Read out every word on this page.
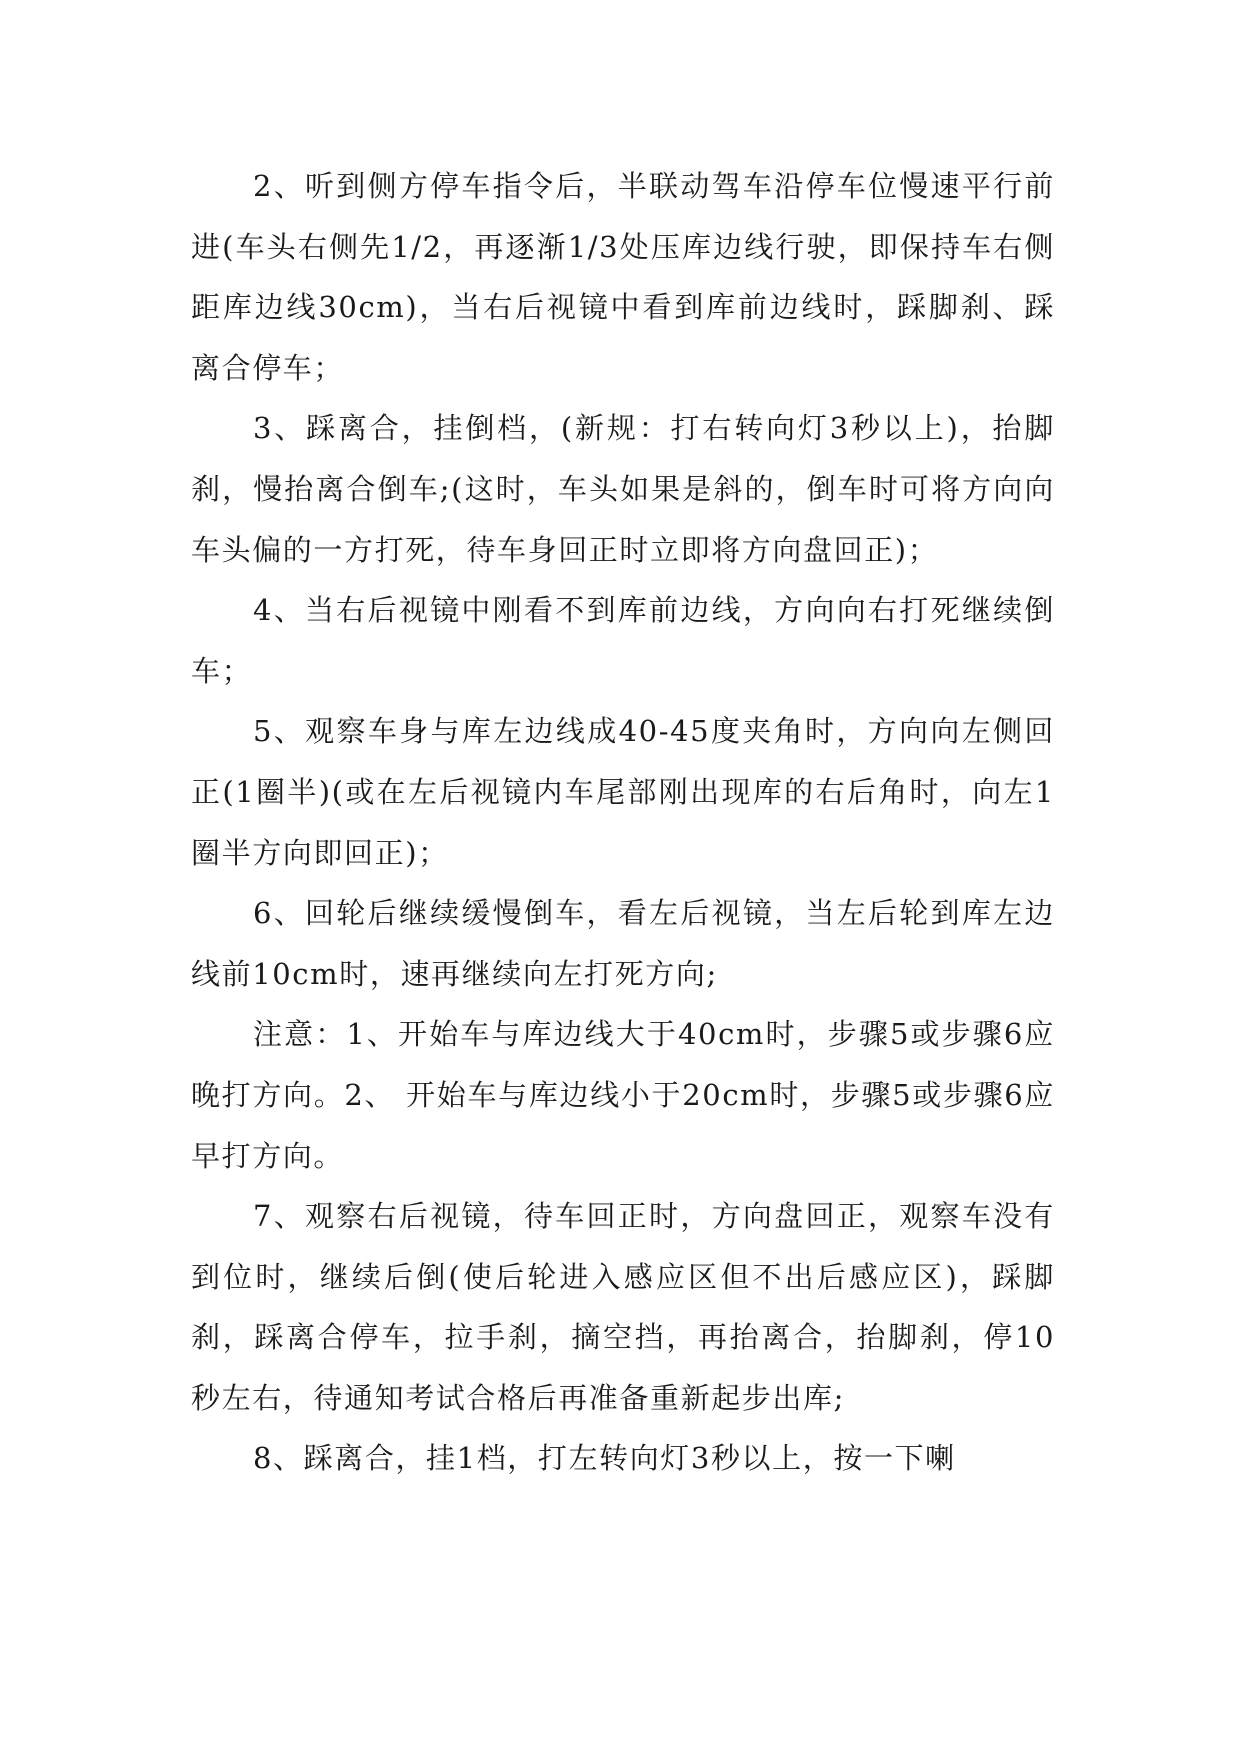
2、听到侧方停车指令后，半联动驾车沿停车位慢速平行前进(车头右侧先1/2，再逐渐1/3处压库边线行驶，即保持车右侧距库边线30cm)，当右后视镜中看到库前边线时，踩脚刹、踩离合停车；

3、踩离合，挂倒档，(新规：打右转向灯3秒以上)，抬脚刹，慢抬离合倒车;(这时，车头如果是斜的，倒车时可将方向向车头偏的一方打死，待车身回正时立即将方向盘回正)；

4、当右后视镜中刚看不到库前边线，方向向右打死继续倒车；

5、观察车身与库左边线成40-45度夹角时，方向向左侧回正(1圈半)(或在左后视镜内车尾部刚出现库的右后角时，向左1圈半方向即回正)；

6、回轮后继续缓慢倒车，看左后视镜，当左后轮到库左边线前10cm时，速再继续向左打死方向;

注意：1、开始车与库边线大于40cm时，步骤5或步骤6应晚打方向。2、 开始车与库边线小于20cm时，步骤5或步骤6应早打方向。

7、观察右后视镜，待车回正时，方向盘回正，观察车没有到位时，继续后倒(使后轮进入感应区但不出后感应区)，踩脚刹，踩离合停车，拉手刹，摘空挡，再抬离合，抬脚刹，停10秒左右，待通知考试合格后再准备重新起步出库;

8、踩离合，挂1档，打左转向灯3秒以上，按一下喇
